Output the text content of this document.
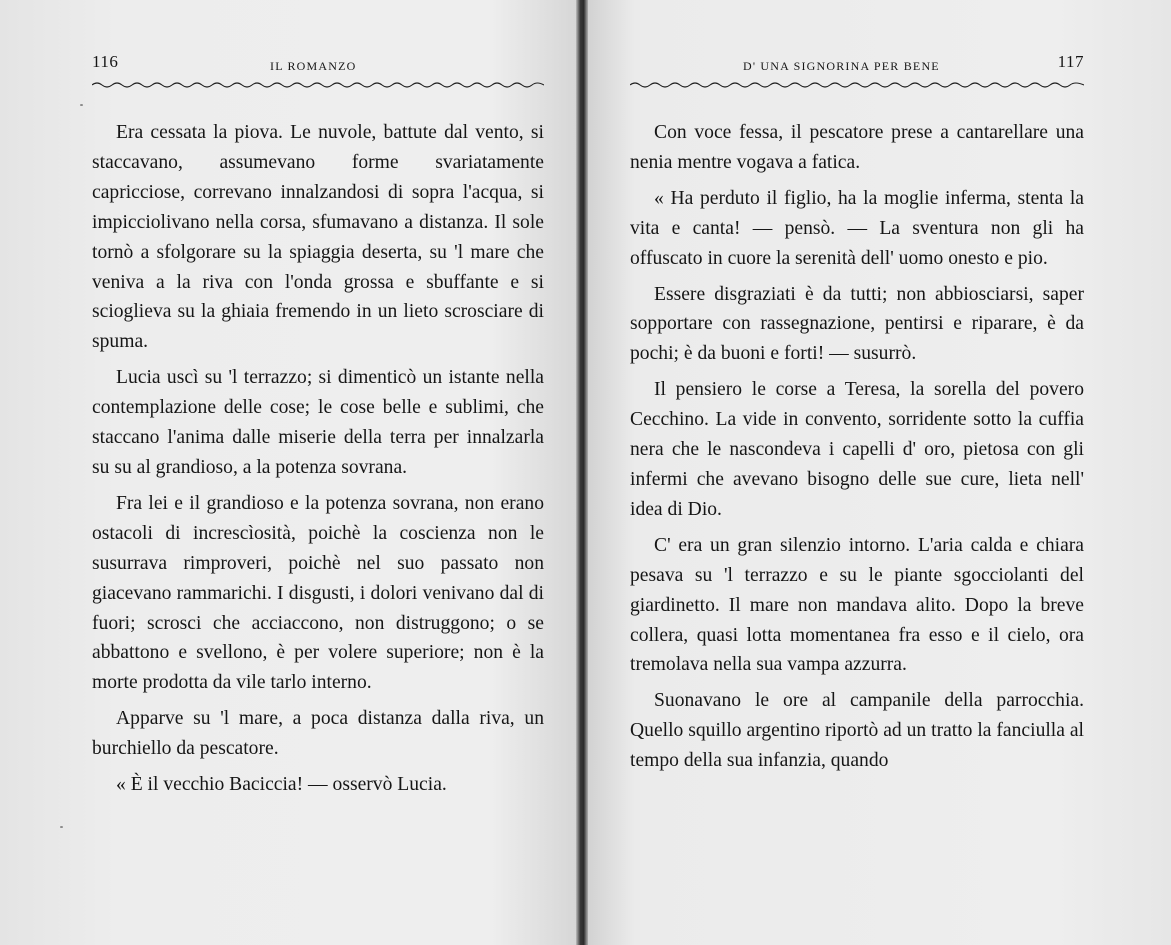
116	IL ROMANZO

Era cessata la piova. Le nuvole, battute dal vento, si staccavano, assumevano forme svariatamente capricciose, correvano innalzandosi di sopra l'acqua, si impicciolivano nella corsa, sfumavano a distanza. Il sole tornò a sfolgorare su la spiaggia deserta, su 'l mare che veniva a la riva con l'onda grossa e sbuffante e si scioglieva su la ghiaia fremendo in un lieto scrosciare di spuma.

Lucia uscì su 'l terrazzo; si dimenticò un istante nella contemplazione delle cose; le cose belle e sublimi, che staccano l'anima dalle miserie della terra per innalzarla su su al grandioso, a la potenza sovrana.

Fra lei e il grandioso e la potenza sovrana, non erano ostacoli di increscìosità, poichè la coscienza non le susurrava rimproveri, poichè nel suo passato non giacevano rammarichi. I disgusti, i dolori venivano dal di fuori; scrosci che acciaccono, non distruggono; o se abbattono e svellono, è per volere superiore; non è la morte prodotta da vile tarlo interno.

Apparve su 'l mare, a poca distanza dalla riva, un burchiello da pescatore.

« È il vecchio Baciccia! — osservò Lucia.

D' UNA SIGNORINA PER BENE	117

Con voce fessa, il pescatore prese a cantarellare una nenia mentre vogava a fatica.

« Ha perduto il figlio, ha la moglie inferma, stenta la vita e canta! — pensò. — La sventura non gli ha offuscato in cuore la serenità dell' uomo onesto e pio.

Essere disgraziati è da tutti; non abbiosciarsi, saper sopportare con rassegnazione, pentirsi e riparare, è da pochi; è da buoni e forti! — susurrò.

Il pensiero le corse a Teresa, la sorella del povero Cecchino. La vide in convento, sorridente sotto la cuffia nera che le nascondeva i capelli d' oro, pietosa con gli infermi che avevano bisogno delle sue cure, lieta nell' idea di Dio.

C' era un gran silenzio intorno. L'aria calda e chiara pesava su 'l terrazzo e su le piante sgocciolanti del giardinetto. Il mare non mandava alito. Dopo la breve collera, quasi lotta momentanea fra esso e il cielo, ora tremolava nella sua vampa azzurra.

Suonavano le ore al campanile della parrocchia. Quello squillo argentino riportò ad un tratto la fanciulla al tempo della sua infanzia, quando
